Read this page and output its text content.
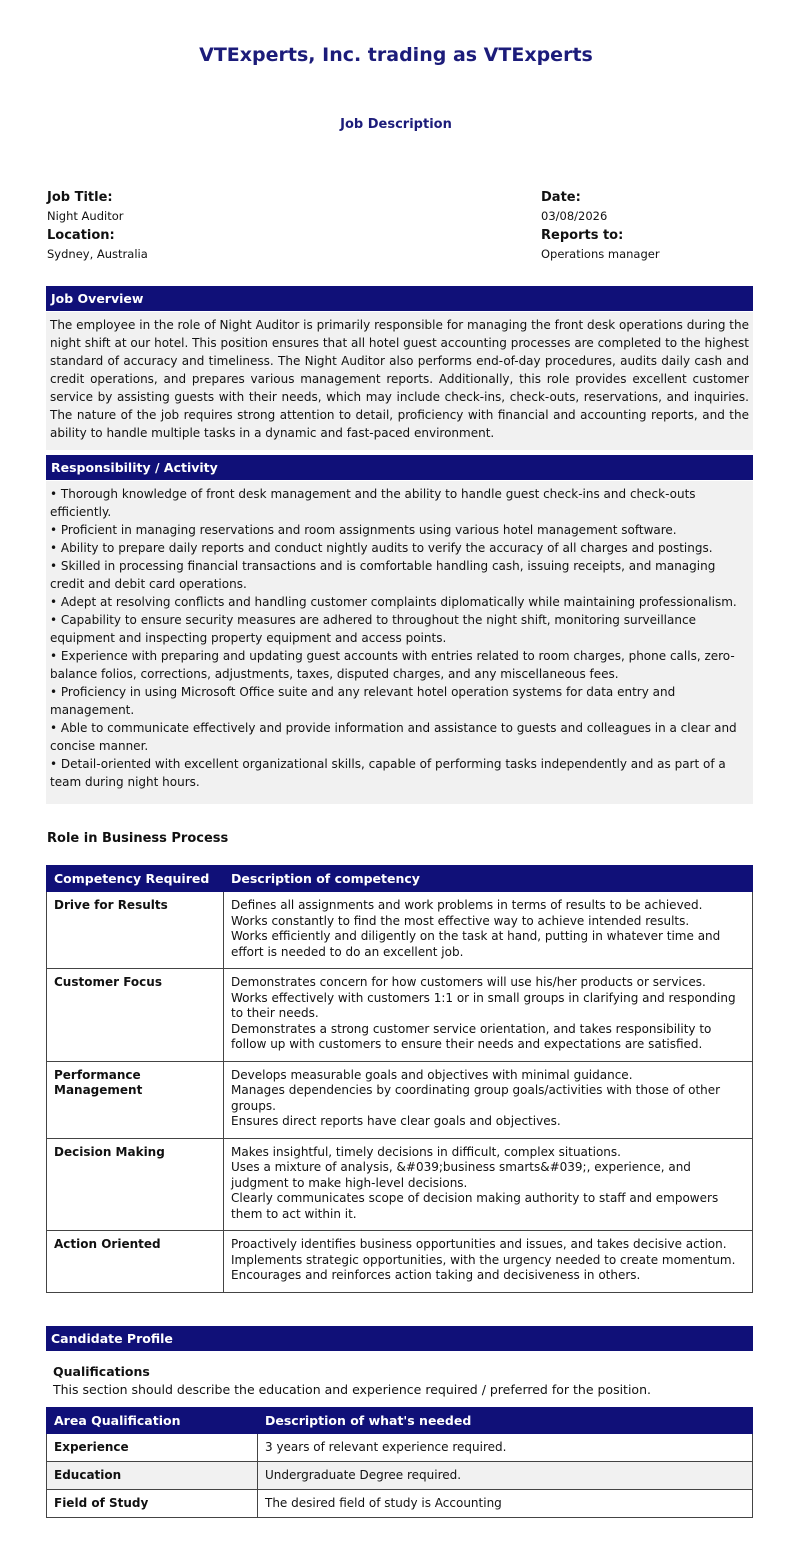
VTExperts, Inc. trading as VTExperts
Job Description
Job Title:
Night Auditor
Location:
Sydney, Australia
Date:
03/08/2026
Reports to:
Operations manager
Job Overview
The employee in the role of Night Auditor is primarily responsible for managing the front desk operations during the night shift at our hotel. This position ensures that all hotel guest accounting processes are completed to the highest standard of accuracy and timeliness. The Night Auditor also performs end-of-day procedures, audits daily cash and credit operations, and prepares various management reports. Additionally, this role provides excellent customer service by assisting guests with their needs, which may include check-ins, check-outs, reservations, and inquiries. The nature of the job requires strong attention to detail, proficiency with financial and accounting reports, and the ability to handle multiple tasks in a dynamic and fast-paced environment.
Responsibility / Activity
• Thorough knowledge of front desk management and the ability to handle guest check-ins and check-outs efficiently.
• Proficient in managing reservations and room assignments using various hotel management software.
• Ability to prepare daily reports and conduct nightly audits to verify the accuracy of all charges and postings.
• Skilled in processing financial transactions and is comfortable handling cash, issuing receipts, and managing credit and debit card operations.
• Adept at resolving conflicts and handling customer complaints diplomatically while maintaining professionalism.
• Capability to ensure security measures are adhered to throughout the night shift, monitoring surveillance equipment and inspecting property equipment and access points.
• Experience with preparing and updating guest accounts with entries related to room charges, phone calls, zero-balance folios, corrections, adjustments, taxes, disputed charges, and any miscellaneous fees.
• Proficiency in using Microsoft Office suite and any relevant hotel operation systems for data entry and management.
• Able to communicate effectively and provide information and assistance to guests and colleagues in a clear and concise manner.
• Detail-oriented with excellent organizational skills, capable of performing tasks independently and as part of a team during night hours.
Role in Business Process
Competency Required	Description of competency
Drive for Results	Defines all assignments and work problems in terms of results to be achieved.
Works constantly to find the most effective way to achieve intended results.
Works efficiently and diligently on the task at hand, putting in whatever time and effort is needed to do an excellent job.

Customer Focus	Demonstrates concern for how customers will use his/her products or services.
Works effectively with customers 1:1 or in small groups in clarifying and responding to their needs.
Demonstrates a strong customer service orientation, and takes responsibility to follow up with customers to ensure their needs and expectations are satisfied.

Performance Management	Develops measurable goals and objectives with minimal guidance.
Manages dependencies by coordinating group goals/activities with those of other groups.
Ensures direct reports have clear goals and objectives.

Decision Making	Makes insightful, timely decisions in difficult, complex situations.
Uses a mixture of analysis, &#039;business smarts&#039;, experience, and judgment to make high-level decisions.
Clearly communicates scope of decision making authority to staff and empowers them to act within it.

Action Oriented	Proactively identifies business opportunities and issues, and takes decisive action.
Implements strategic opportunities, with the urgency needed to create momentum.
Encourages and reinforces action taking and decisiveness in others.
Candidate Profile
Qualifications
This section should describe the education and experience required / preferred for the position.
Area Qualification	Description of what's needed
Experience	3 years of relevant experience required.
Education	Undergraduate Degree required.
Field of Study	The desired field of study is Accounting
